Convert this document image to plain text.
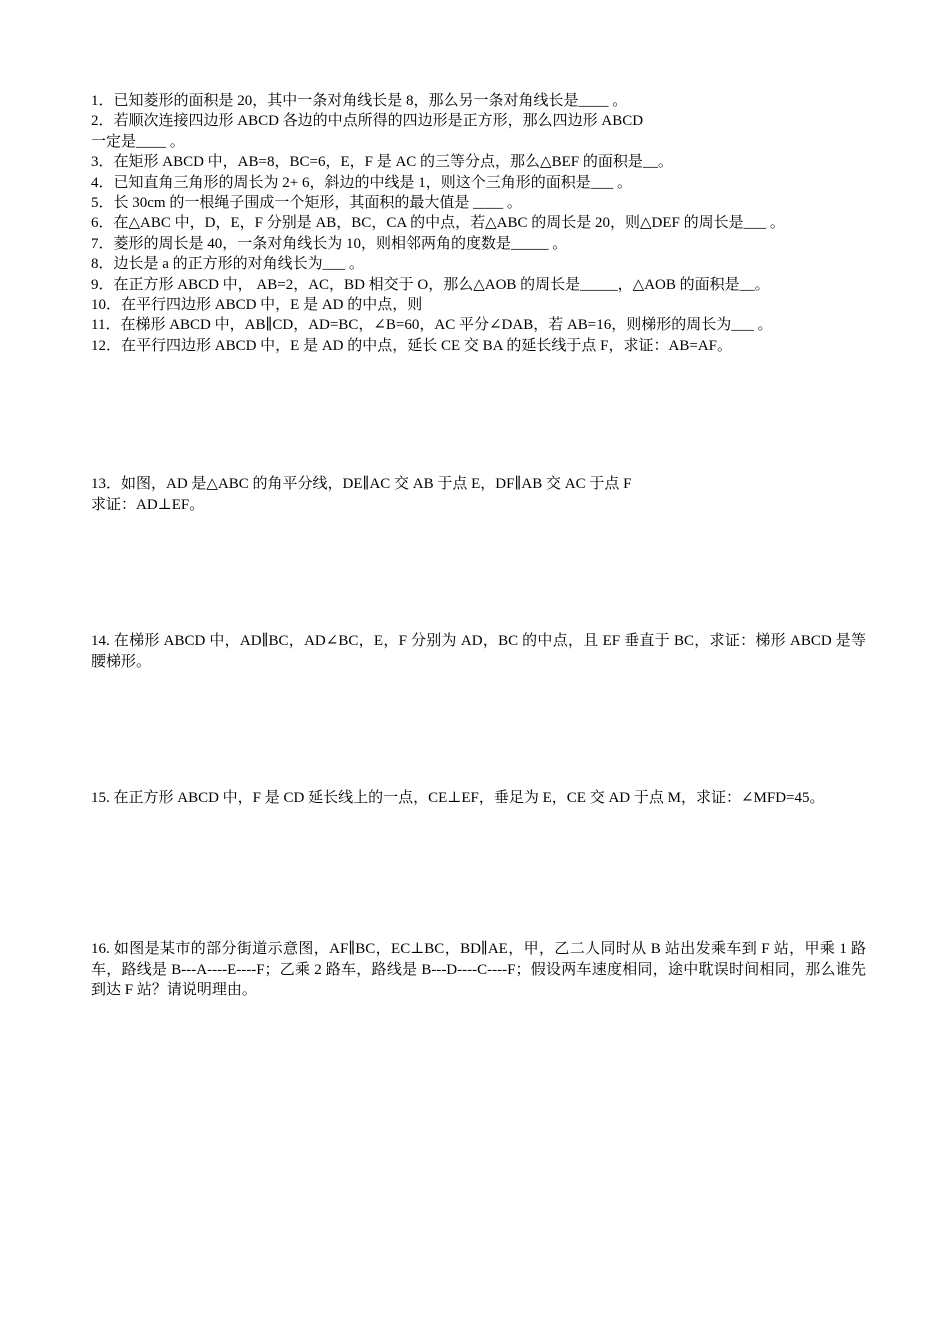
1．已知菱形的面积是 20，其中一条对角线长是 8，那么另一条对角线长是____ 。
2．若顺次连接四边形 ABCD 各边的中点所得的四边形是正方形，那么四边形 ABCD
一定是____ 。
3．在矩形 ABCD 中，AB=8，BC=6，E，F 是 AC 的三等分点，那么△BEF 的面积是__。
4．已知直角三角形的周长为 2+ 6，斜边的中线是 1，则这个三角形的面积是___ 。
5．长 30cm 的一根绳子围成一个矩形，其面积的最大值是 ____ 。
6．在△ABC 中，D，E，F 分别是 AB，BC，CA 的中点，若△ABC 的周长是 20，则△DEF 的周长是___ 。
7．菱形的周长是 40，一条对角线长为 10，则相邻两角的度数是_____ 。
8．边长是 a 的正方形的对角线长为___ 。
9．在正方形 ABCD 中， AB=2，AC，BD 相交于 O，那么△AOB 的周长是_____，△AOB 的面积是__。
10．在平行四边形 ABCD 中，E 是 AD 的中点，则
11．在梯形 ABCD 中，AB∥CD，AD=BC，∠B=60，AC 平分∠DAB，若 AB=16，则梯形的周长为___ 。
12．在平行四边形 ABCD 中，E 是 AD 的中点，延长 CE 交 BA 的延长线于点 F，求证：AB=AF。
13．如图，AD 是△ABC 的角平分线，DE∥AC 交 AB 于点 E，DF∥AB 交 AC 于点 F
求证：AD⊥EF。
14. 在梯形 ABCD 中，AD∥BC，AD∠BC，E，F 分别为 AD，BC 的中点，且 EF 垂直于 BC，求证：梯形 ABCD 是等腰梯形。
15. 在正方形 ABCD 中，F 是 CD 延长线上的一点，CE⊥EF，垂足为 E，CE 交 AD 于点 M，求证：∠MFD=45。
16. 如图是某市的部分街道示意图，AF∥BC，EC⊥BC，BD∥AE，甲，乙二人同时从 B 站出发乘车到 F 站，甲乘 1 路车，路线是 B---A----E----F；乙乘 2 路车，路线是 B---D----C----F；假设两车速度相同，途中耽误时间相同，那么谁先到达 F 站？请说明理由。
